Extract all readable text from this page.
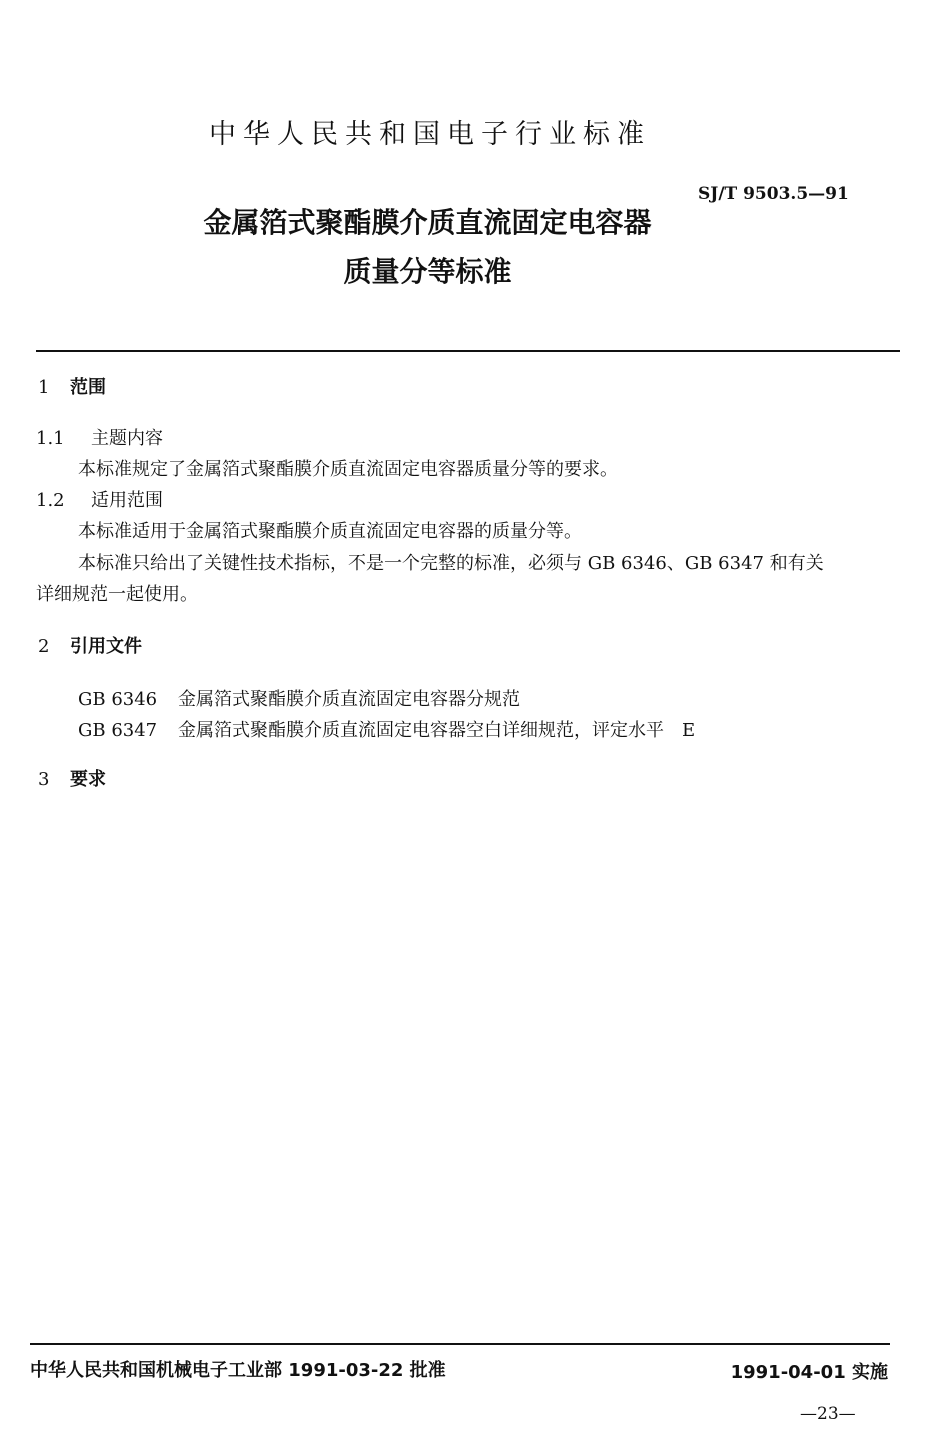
中华人民共和国电子行业标准
SJ/T 9503.5—91
金属箔式聚酯膜介质直流固定电容器
质量分等标准
1 范围
1.1 主题内容
本标准规定了金属箔式聚酯膜介质直流固定电容器质量分等的要求。
1.2 适用范围
本标准适用于金属箔式聚酯膜介质直流固定电容器的质量分等。
本标准只给出了关键性技术指标，不是一个完整的标准，必须与 GB 6346、GB 6347 和有关
详细规范一起使用。
2 引用文件
GB 6346 金属箔式聚酯膜介质直流固定电容器分规范
GB 6347 金属箔式聚酯膜介质直流固定电容器空白详细规范，评定水平　E
3 要求
中华人民共和国机械电子工业部 1991-03-22 批准	1991-04-01 实施
—23—
